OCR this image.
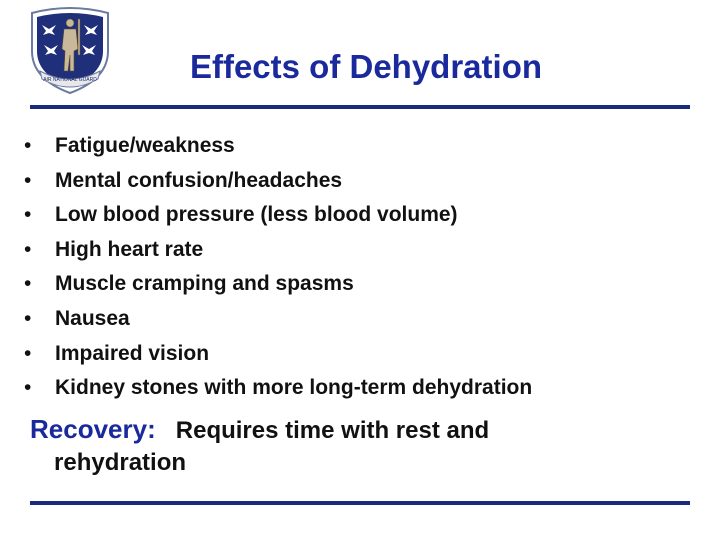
AIR NATIONAL GUARD	Effects of Dehydration
• Fatigue/weakness
• Mental confusion/headaches
• Low blood pressure (less blood volume)
• High heart rate
• Muscle cramping and spasms
• Nausea
• Impaired vision
• Kidney stones with more long-term dehydration
Recovery: Requires time with rest and
rehydration
